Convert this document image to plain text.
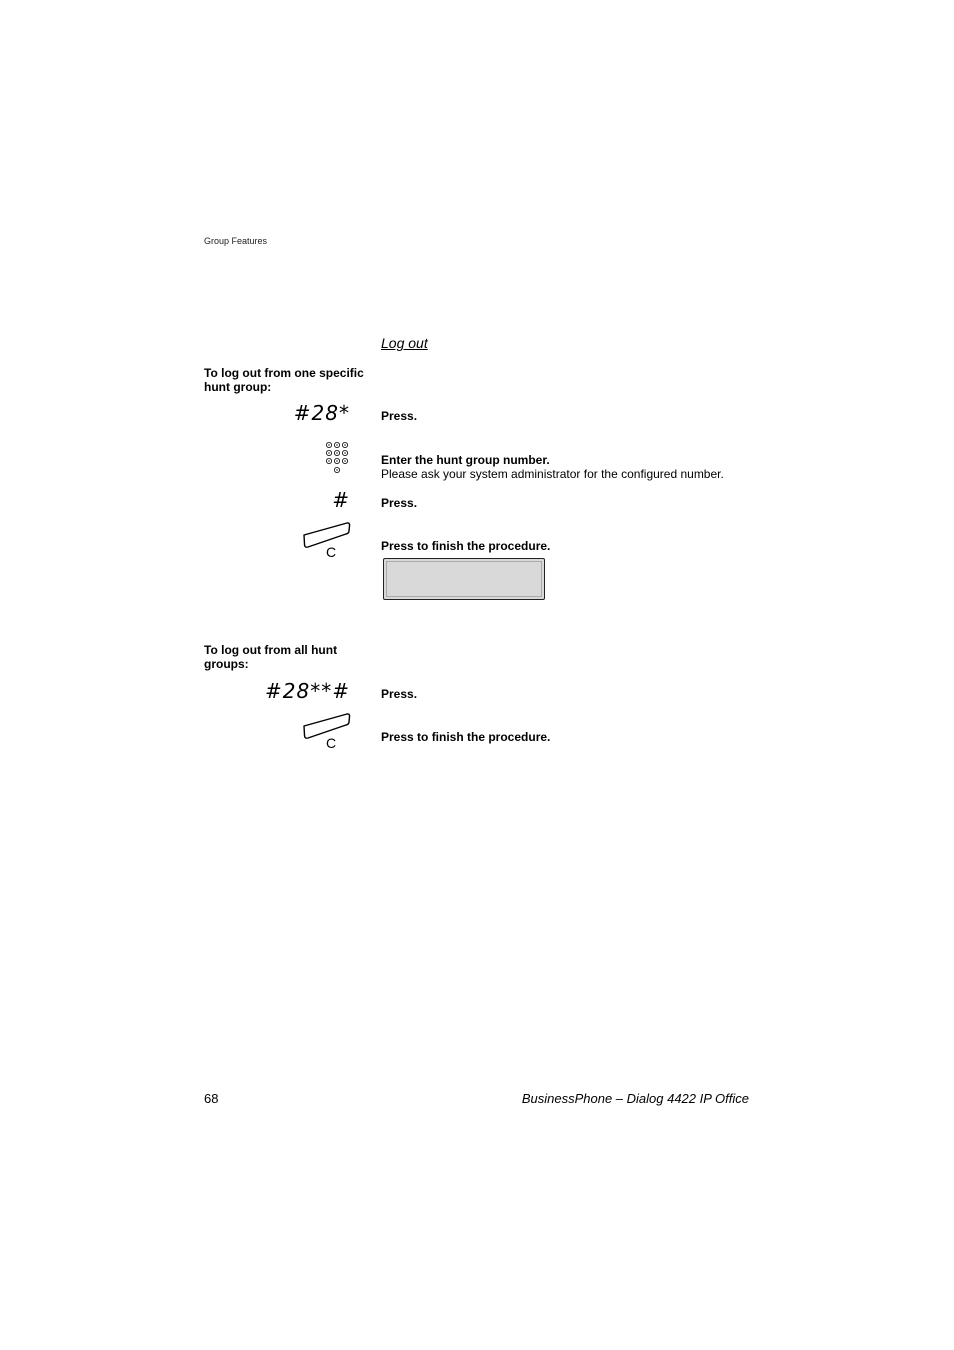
Group Features
Log out
To log out from one specific hunt group:
#28*	Press.
Enter the hunt group number.
Please ask your system administrator for the configured number.
#	Press.
C	Press to finish the procedure.
To log out from all hunt groups:
#28**#	Press.
C	Press to finish the procedure.
68	BusinessPhone – Dialog 4422 IP Office
